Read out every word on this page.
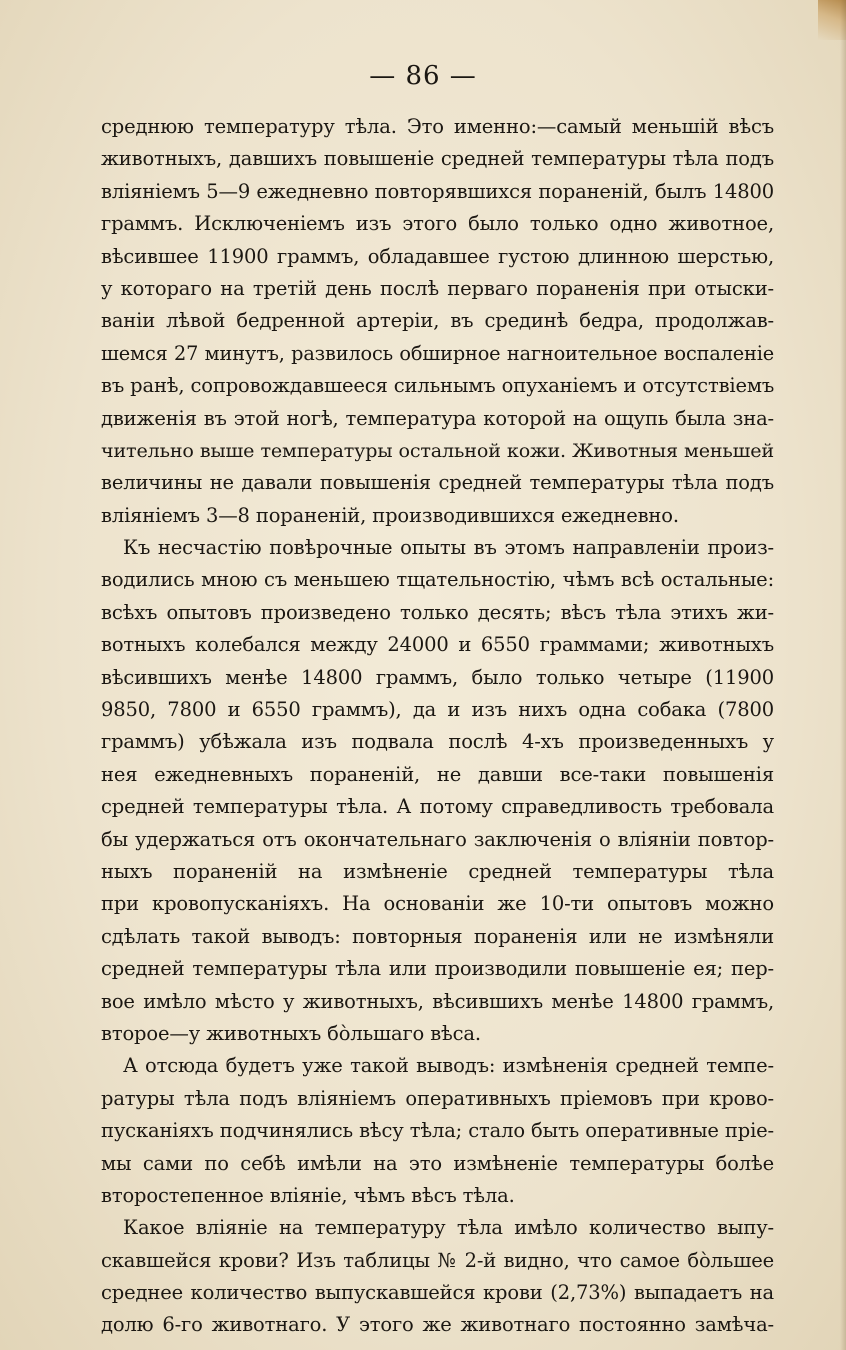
— 86 —
среднюю температуру тѣла. Это именно:—самый меньшій вѣсъ
животныхъ, давшихъ повышеніе средней температуры тѣла подъ
вліяніемъ 5—9 ежедневно повторявшихся пораненій, былъ 14800
граммъ. Исключеніемъ изъ этого было только одно животное,
вѣсившее 11900 граммъ, обладавшее густою длинною шерстью,
у котораго на третій день послѣ перваго пораненія при отыски-
ваніи лѣвой бедренной артеріи, въ срединѣ бедра, продолжав-
шемся 27 минутъ, развилось обширное нагноительное воспаленіе
въ ранѣ, сопровождавшееся сильнымъ опуханіемъ и отсутствіемъ
движенія въ этой ногѣ, температура которой на ощупь была зна-
чительно выше температуры остальной кожи. Животныя меньшей
величины не давали повышенія средней температуры тѣла подъ
вліяніемъ 3—8 пораненій, производившихся ежедневно.
Къ несчастію повѣрочные опыты въ этомъ направленіи произ-
водились мною съ меньшею тщательностію, чѣмъ всѣ остальные:
всѣхъ опытовъ произведено только десять; вѣсъ тѣла этихъ жи-
вотныхъ колебался между 24000 и 6550 граммами; животныхъ
вѣсившихъ менѣе 14800 граммъ, было только четыре (11900
9850, 7800 и 6550 граммъ), да и изъ нихъ одна собака (7800
граммъ) убѣжала изъ подвала послѣ 4-хъ произведенныхъ у
нея ежедневныхъ пораненій, не давши все-таки повышенія
средней температуры тѣла. А потому справедливость требовала
бы удержаться отъ окончательнаго заключенія о вліяніи повтор-
ныхъ пораненій на измѣненіе средней температуры тѣла
при кровопусканіяхъ. На основаніи же 10-ти опытовъ можно
сдѣлать такой выводъ: повторныя пораненія или не измѣняли
средней температуры тѣла или производили повышеніе ея; пер-
вое имѣло мѣсто у животныхъ, вѣсившихъ менѣе 14800 граммъ,
второе—у животныхъ бо̀льшаго вѣса.
А отсюда будетъ уже такой выводъ: измѣненія средней темпе-
ратуры тѣла подъ вліяніемъ оперативныхъ пріемовъ при крово-
пусканіяхъ подчинялись вѣсу тѣла; стало быть оперативные пріе-
мы сами по себѣ имѣли на это измѣненіе температуры болѣе
второстепенное вліяніе, чѣмъ вѣсъ тѣла.
Какое вліяніе на температуру тѣла имѣло количество выпу-
скавшейся крови? Изъ таблицы № 2-й видно, что самое бо̀льшее
среднее количество выпускавшейся крови (2,73%) выпадаетъ на
долю 6-го животнаго. У этого же животнаго постоянно замѣча-
